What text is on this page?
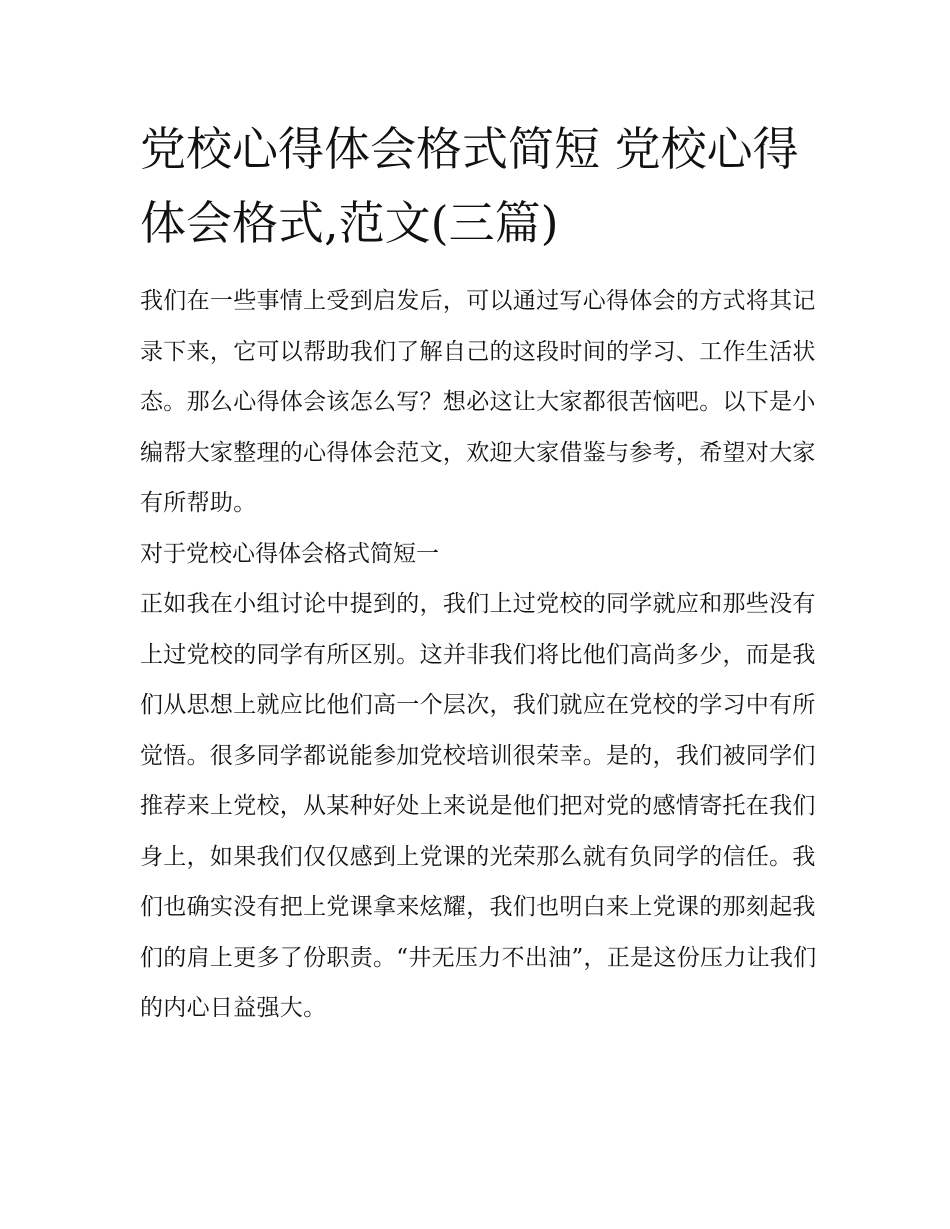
党校心得体会格式简短 党校心得体会格式,范文(三篇)

我们在一些事情上受到启发后，可以通过写心得体会的方式将其记录下来，它可以帮助我们了解自己的这段时间的学习、工作生活状态。那么心得体会该怎么写？想必这让大家都很苦恼吧。以下是小编帮大家整理的心得体会范文，欢迎大家借鉴与参考，希望对大家有所帮助。

对于党校心得体会格式简短一

正如我在小组讨论中提到的，我们上过党校的同学就应和那些没有上过党校的同学有所区别。这并非我们将比他们高尚多少，而是我们从思想上就应比他们高一个层次，我们就应在党校的学习中有所觉悟。很多同学都说能参加党校培训很荣幸。是的，我们被同学们推荐来上党校，从某种好处上来说是他们把对党的感情寄托在我们身上，如果我们仅仅感到上党课的光荣那么就有负同学的信任。我们也确实没有把上党课拿来炫耀，我们也明白来上党课的那刻起我们的肩上更多了份职责。“井无压力不出油”，正是这份压力让我们的内心日益强大。
